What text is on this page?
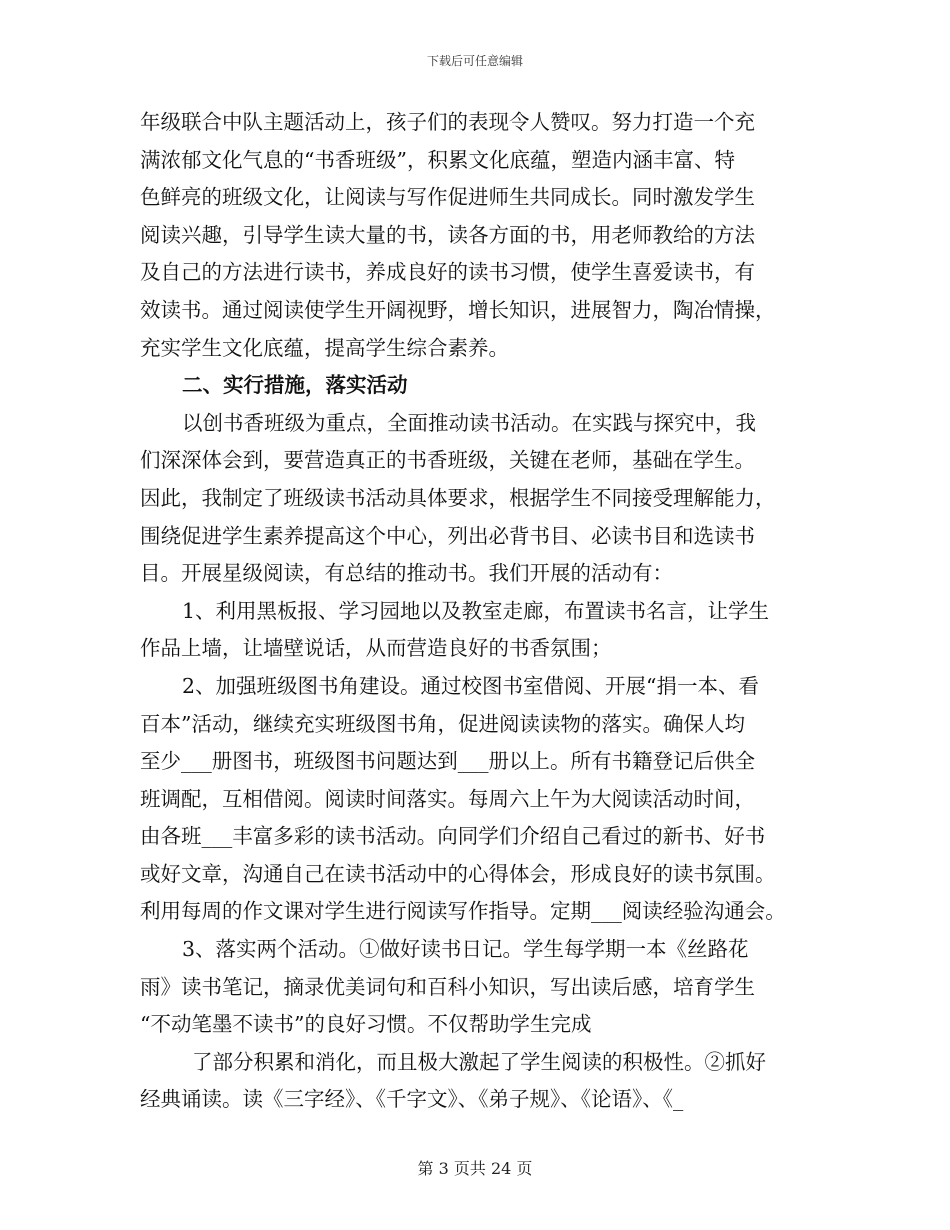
下载后可任意编辑
年级联合中队主题活动上，孩子们的表现令人赞叹。努力打造一个充
满浓郁文化气息的“书香班级”，积累文化底蕴，塑造内涵丰富、特
色鲜亮的班级文化，让阅读与写作促进师生共同成长。同时激发学生
阅读兴趣，引导学生读大量的书，读各方面的书，用老师教给的方法
及自己的方法进行读书，养成良好的读书习惯，使学生喜爱读书，有
效读书。通过阅读使学生开阔视野，增长知识，进展智力，陶冶情操，
充实学生文化底蕴，提高学生综合素养。
二、实行措施，落实活动
以创书香班级为重点，全面推动读书活动。在实践与探究中，我
们深深体会到，要营造真正的书香班级，关键在老师，基础在学生。
因此，我制定了班级读书活动具体要求，根据学生不同接受理解能力，
围绕促进学生素养提高这个中心，列出必背书目、必读书目和选读书
目。开展星级阅读，有总结的推动书。我们开展的活动有：
1、利用黑板报、学习园地以及教室走廊，布置读书名言，让学生
作品上墙，让墙壁说话，从而营造良好的书香氛围；
2、加强班级图书角建设。通过校图书室借阅、开展“捐一本、看
百本”活动，继续充实班级图书角，促进阅读读物的落实。确保人均
至少___册图书，班级图书问题达到___册以上。所有书籍登记后供全
班调配，互相借阅。阅读时间落实。每周六上午为大阅读活动时间，
由各班___丰富多彩的读书活动。向同学们介绍自己看过的新书、好书
或好文章，沟通自己在读书活动中的心得体会，形成良好的读书氛围。
利用每周的作文课对学生进行阅读写作指导。定期___阅读经验沟通会。
3、落实两个活动。①做好读书日记。学生每学期一本《丝路花
雨》读书笔记，摘录优美词句和百科小知识，写出读后感，培育学生
“不动笔墨不读书”的良好习惯。不仅帮助学生完成
了部分积累和消化，而且极大激起了学生阅读的积极性。②抓好
经典诵读。读《三字经》、《千字文》、《弟子规》、《论语》、《_
第 3 页共 24 页
